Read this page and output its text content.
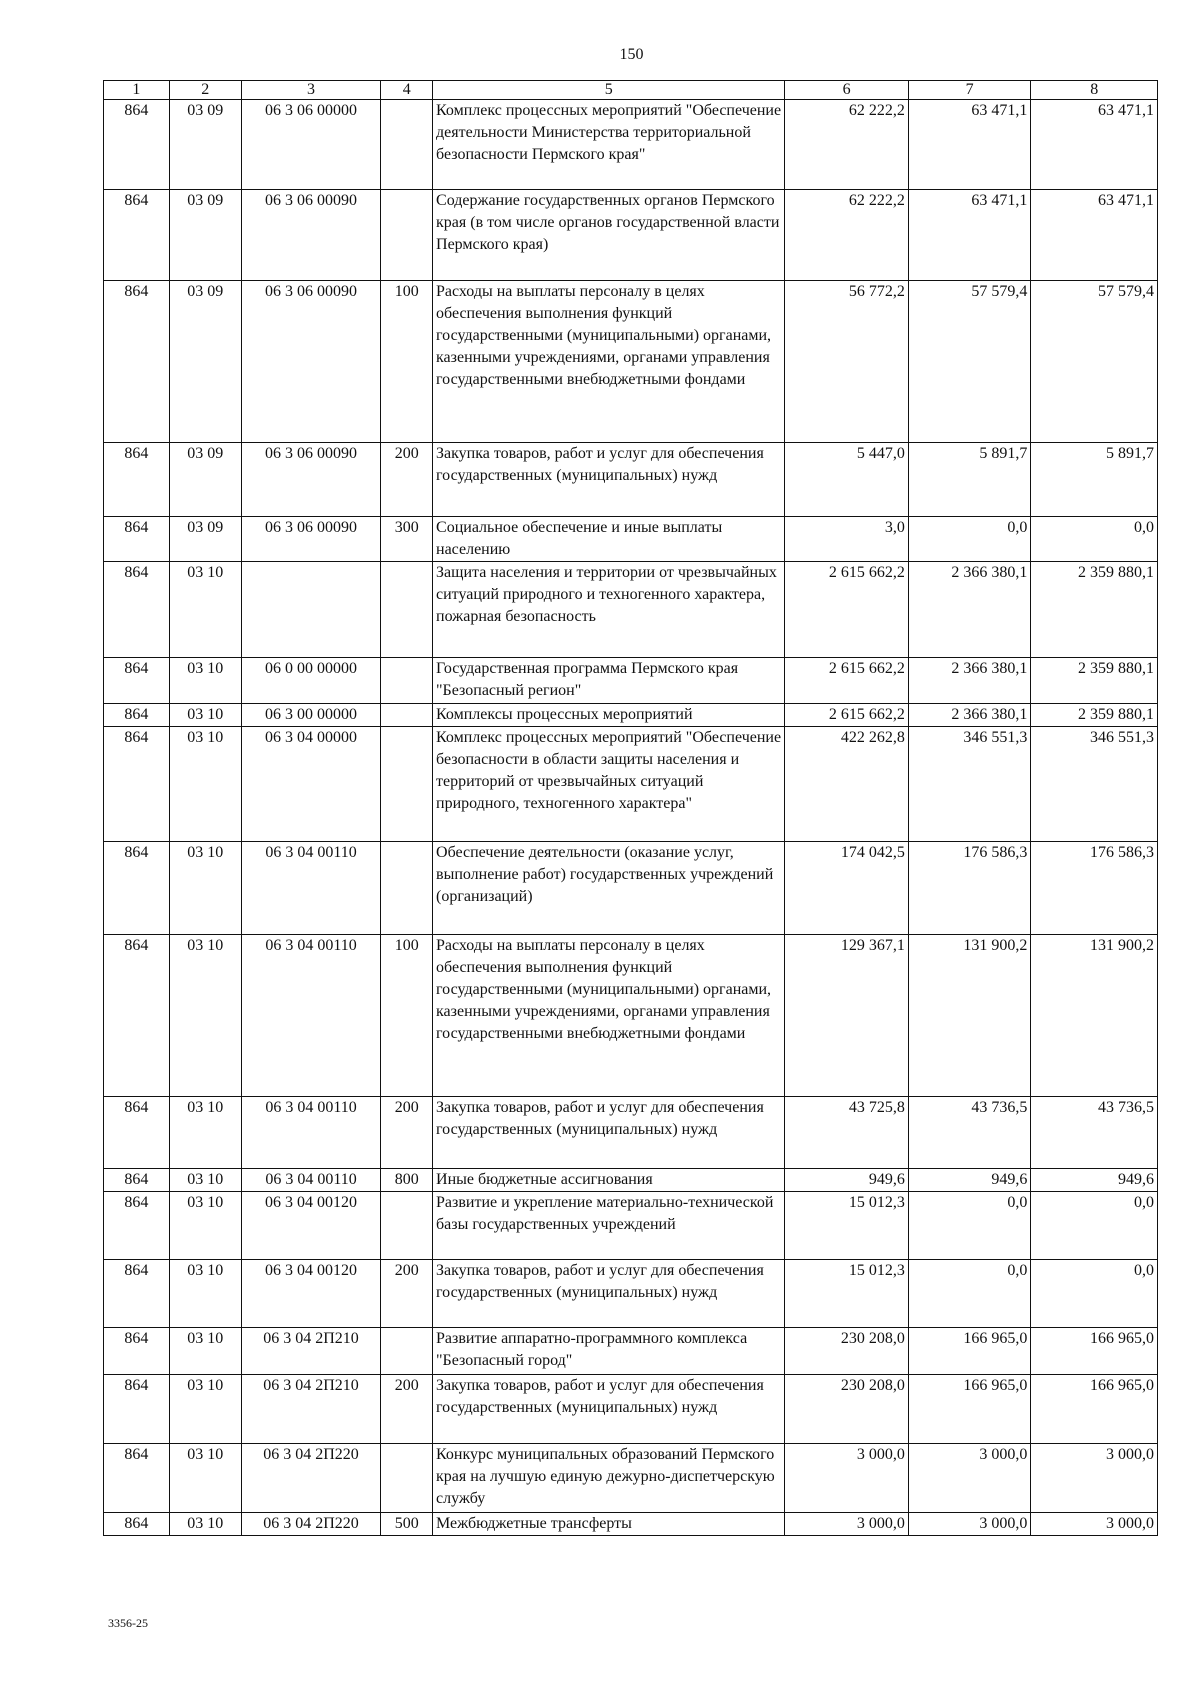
150
1	2	3	4	5	6	7	8
864	03 09	06 3 06 00000		Комплекс процессных мероприятий "Обеспечение деятельности Министерства территориальной безопасности Пермского края"	62 222,2	63 471,1	63 471,1
864	03 09	06 3 06 00090		Содержание государственных органов Пермского края (в том числе органов государственной власти Пермского края)	62 222,2	63 471,1	63 471,1
864	03 09	06 3 06 00090	100	Расходы на выплаты персоналу в целях обеспечения выполнения функций государственными (муниципальными) органами, казенными учреждениями, органами управления государственными внебюджетными фондами	56 772,2	57 579,4	57 579,4
864	03 09	06 3 06 00090	200	Закупка товаров, работ и услуг для обеспечения государственных (муниципальных) нужд	5 447,0	5 891,7	5 891,7
864	03 09	06 3 06 00090	300	Социальное обеспечение и иные выплаты населению	3,0	0,0	0,0
864	03 10			Защита населения и территории от чрезвычайных ситуаций природного и техногенного характера, пожарная безопасность	2 615 662,2	2 366 380,1	2 359 880,1
864	03 10	06 0 00 00000		Государственная программа Пермского края "Безопасный регион"	2 615 662,2	2 366 380,1	2 359 880,1
864	03 10	06 3 00 00000		Комплексы процессных мероприятий	2 615 662,2	2 366 380,1	2 359 880,1
864	03 10	06 3 04 00000		Комплекс процессных мероприятий "Обеспечение безопасности в области защиты населения и территорий от чрезвычайных ситуаций природного, техногенного характера"	422 262,8	346 551,3	346 551,3
864	03 10	06 3 04 00110		Обеспечение деятельности (оказание услуг, выполнение работ) государственных учреждений (организаций)	174 042,5	176 586,3	176 586,3
864	03 10	06 3 04 00110	100	Расходы на выплаты персоналу в целях обеспечения выполнения функций государственными (муниципальными) органами, казенными учреждениями, органами управления государственными внебюджетными фондами	129 367,1	131 900,2	131 900,2
864	03 10	06 3 04 00110	200	Закупка товаров, работ и услуг для обеспечения государственных (муниципальных) нужд	43 725,8	43 736,5	43 736,5
864	03 10	06 3 04 00110	800	Иные бюджетные ассигнования	949,6	949,6	949,6
864	03 10	06 3 04 00120		Развитие и укрепление материально-технической базы государственных учреждений	15 012,3	0,0	0,0
864	03 10	06 3 04 00120	200	Закупка товаров, работ и услуг для обеспечения государственных (муниципальных) нужд	15 012,3	0,0	0,0
864	03 10	06 3 04 2П210		Развитие аппаратно-программного комплекса "Безопасный город"	230 208,0	166 965,0	166 965,0
864	03 10	06 3 04 2П210	200	Закупка товаров, работ и услуг для обеспечения государственных (муниципальных) нужд	230 208,0	166 965,0	166 965,0
864	03 10	06 3 04 2П220		Конкурс муниципальных образований Пермского края на лучшую единую дежурно-диспетчерскую службу	3 000,0	3 000,0	3 000,0
864	03 10	06 3 04 2П220	500	Межбюджетные трансферты	3 000,0	3 000,0	3 000,0
3356-25
